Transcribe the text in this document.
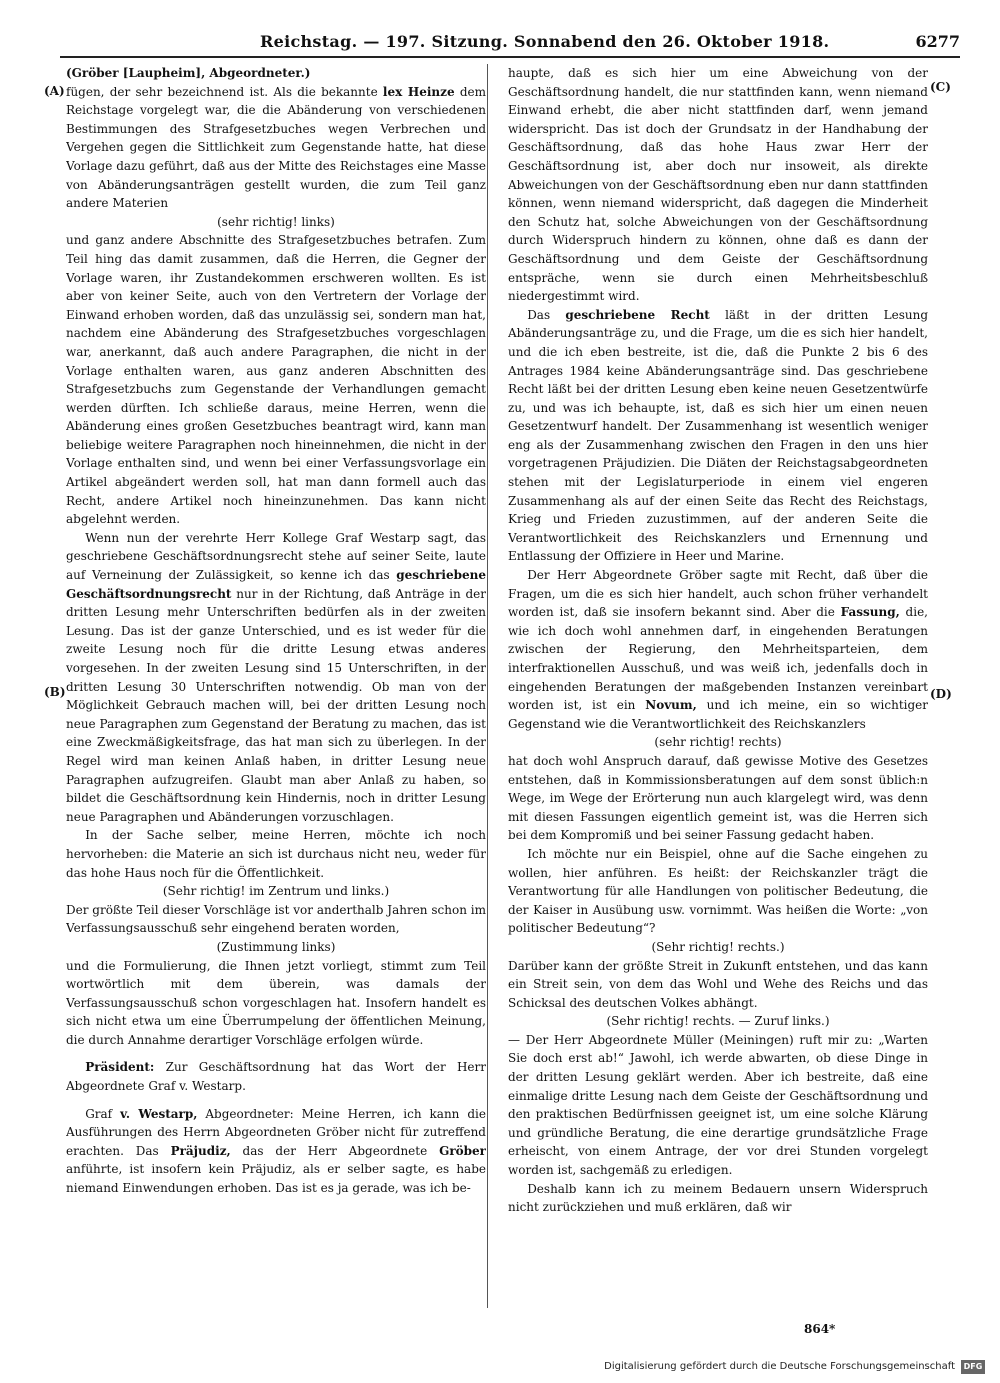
Reichstag. — 197. Sitzung. Sonnabend den 26. Oktober 1918.	6277
(A)
(B)
(C)
(D)

(Gröber [Laupheim], Abgeordneter.)

fügen, der sehr bezeichnend ist. Als die bekannte lex Heinze dem Reichstage vorgelegt war, die die Abänderung von verschiedenen Bestimmungen des Strafgesetzbuches wegen Verbrechen und Vergehen gegen die Sittlichkeit zum Gegenstande hatte, hat diese Vorlage dazu geführt, daß aus der Mitte des Reichstages eine Masse von Abänderungsanträgen gestellt wurden, die zum Teil ganz andere Materien

(sehr richtig! links)

und ganz andere Abschnitte des Strafgesetzbuches betrafen. Zum Teil hing das damit zusammen, daß die Herren, die Gegner der Vorlage waren, ihr Zustandekommen erschweren wollten. Es ist aber von keiner Seite, auch von den Vertretern der Vorlage der Einwand erhoben worden, daß das unzulässig sei, sondern man hat, nachdem eine Abänderung des Strafgesetzbuches vorgeschlagen war, anerkannt, daß auch andere Paragraphen, die nicht in der Vorlage enthalten waren, aus ganz anderen Abschnitten des Strafgesetzbuchs zum Gegenstande der Verhandlungen gemacht werden dürften. Ich schließe daraus, meine Herren, wenn die Abänderung eines großen Gesetzbuches beantragt wird, kann man beliebige weitere Paragraphen noch hineinnehmen, die nicht in der Vorlage enthalten sind, und wenn bei einer Verfassungsvorlage ein Artikel abgeändert werden soll, hat man dann formell auch das Recht, andere Artikel noch hineinzunehmen. Das kann nicht abgelehnt werden.

Wenn nun der verehrte Herr Kollege Graf Westarp sagt, das geschriebene Geschäftsordnungsrecht stehe auf seiner Seite, laute auf Verneinung der Zulässigkeit, so kenne ich das geschriebene Geschäftsordnungsrecht nur in der Richtung, daß Anträge in der dritten Lesung mehr Unterschriften bedürfen als in der zweiten Lesung. Das ist der ganze Unterschied, und es ist weder für die zweite Lesung noch für die dritte Lesung etwas anderes vorgesehen. In der zweiten Lesung sind 15 Unterschriften, in der dritten Lesung 30 Unterschriften notwendig. Ob man von der Möglichkeit Gebrauch machen will, bei der dritten Lesung noch neue Paragraphen zum Gegenstand der Beratung zu machen, das ist eine Zweckmäßigkeitsfrage, das hat man sich zu überlegen. In der Regel wird man keinen Anlaß haben, in dritter Lesung neue Paragraphen aufzugreifen. Glaubt man aber Anlaß zu haben, so bildet die Geschäftsordnung kein Hindernis, noch in dritter Lesung neue Paragraphen und Abänderungen vorzuschlagen.

In der Sache selber, meine Herren, möchte ich noch hervorheben: die Materie an sich ist durchaus nicht neu, weder für das hohe Haus noch für die Öffentlichkeit.

(Sehr richtig! im Zentrum und links.)

Der größte Teil dieser Vorschläge ist vor anderthalb Jahren schon im Verfassungsausschuß sehr eingehend beraten worden,

(Zustimmung links)

und die Formulierung, die Ihnen jetzt vorliegt, stimmt zum Teil wortwörtlich mit dem überein, was damals der Verfassungsausschuß schon vorgeschlagen hat. Insofern handelt es sich nicht etwa um eine Überrumpelung der öffentlichen Meinung, die durch Annahme derartiger Vorschläge erfolgen würde.

Präsident: Zur Geschäftsordnung hat das Wort der Herr Abgeordnete Graf v. Westarp.

Graf v. Westarp, Abgeordneter: Meine Herren, ich kann die Ausführungen des Herrn Abgeordneten Gröber nicht für zutreffend erachten. Das Präjudiz, das der Herr Abgeordnete Gröber anführte, ist insofern kein Präjudiz, als er selber sagte, es habe niemand Einwendungen erhoben. Das ist es ja gerade, was ich be-

haupte, daß es sich hier um eine Abweichung von der Geschäftsordnung handelt, die nur stattfinden kann, wenn niemand Einwand erhebt, die aber nicht stattfinden darf, wenn jemand widerspricht. Das ist doch der Grundsatz in der Handhabung der Geschäftsordnung, daß das hohe Haus zwar Herr der Geschäftsordnung ist, aber doch nur insoweit, als direkte Abweichungen von der Geschäftsordnung eben nur dann stattfinden können, wenn niemand widerspricht, daß dagegen die Minderheit den Schutz hat, solche Abweichungen von der Geschäftsordnung durch Widerspruch hindern zu können, ohne daß es dann der Geschäftsordnung und dem Geiste der Geschäftsordnung entspräche, wenn sie durch einen Mehrheitsbeschluß niedergestimmt wird.

Das geschriebene Recht läßt in der dritten Lesung Abänderungsanträge zu, und die Frage, um die es sich hier handelt, und die ich eben bestreite, ist die, daß die Punkte 2 bis 6 des Antrages 1984 keine Abänderungsanträge sind. Das geschriebene Recht läßt bei der dritten Lesung eben keine neuen Gesetzentwürfe zu, und was ich behaupte, ist, daß es sich hier um einen neuen Gesetzentwurf handelt. Der Zusammenhang ist wesentlich weniger eng als der Zusammenhang zwischen den Fragen in den uns hier vorgetragenen Präjudizien. Die Diäten der Reichstagsabgeordneten stehen mit der Legislaturperiode in einem viel engeren Zusammenhang als auf der einen Seite das Recht des Reichstags, Krieg und Frieden zuzustimmen, auf der anderen Seite die Verantwortlichkeit des Reichskanzlers und Ernennung und Entlassung der Offiziere in Heer und Marine.

Der Herr Abgeordnete Gröber sagte mit Recht, daß über die Fragen, um die es sich hier handelt, auch schon früher verhandelt worden ist, daß sie insofern bekannt sind. Aber die Fassung, die, wie ich doch wohl annehmen darf, in eingehenden Beratungen zwischen der Regierung, den Mehrheitsparteien, dem interfraktionellen Ausschuß, und was weiß ich, jedenfalls doch in eingehenden Beratungen der maßgebenden Instanzen vereinbart worden ist, ist ein Novum, und ich meine, ein so wichtiger Gegenstand wie die Verantwortlichkeit des Reichskanzlers

(sehr richtig! rechts)

hat doch wohl Anspruch darauf, daß gewisse Motive des Gesetzes entstehen, daß in Kommissionsberatungen auf dem sonst üblich:n Wege, im Wege der Erörterung nun auch klargelegt wird, was denn mit diesen Fassungen eigentlich gemeint ist, was die Herren sich bei dem Kompromiß und bei seiner Fassung gedacht haben.

Ich möchte nur ein Beispiel, ohne auf die Sache eingehen zu wollen, hier anführen. Es heißt: der Reichskanzler trägt die Verantwortung für alle Handlungen von politischer Bedeutung, die der Kaiser in Ausübung usw. vornimmt. Was heißen die Worte: „von politischer Bedeutung“?

(Sehr richtig! rechts.)

Darüber kann der größte Streit in Zukunft entstehen, und das kann ein Streit sein, von dem das Wohl und Wehe des Reichs und das Schicksal des deutschen Volkes abhängt.

(Sehr richtig! rechts. — Zuruf links.)

— Der Herr Abgeordnete Müller (Meiningen) ruft mir zu: „Warten Sie doch erst ab!“ Jawohl, ich werde abwarten, ob diese Dinge in der dritten Lesung geklärt werden. Aber ich bestreite, daß eine einmalige dritte Lesung nach dem Geiste der Geschäftsordnung und den praktischen Bedürfnissen geeignet ist, um eine solche Klärung und gründliche Beratung, die eine derartige grundsätzliche Frage erheischt, von einem Antrage, der vor drei Stunden vorgelegt worden ist, sachgemäß zu erledigen.

Deshalb kann ich zu meinem Bedauern unsern Widerspruch nicht zurückziehen und muß erklären, daß wir

864*
Digitalisierung gefördert durch die Deutsche Forschungsgemeinschaft	DFG
